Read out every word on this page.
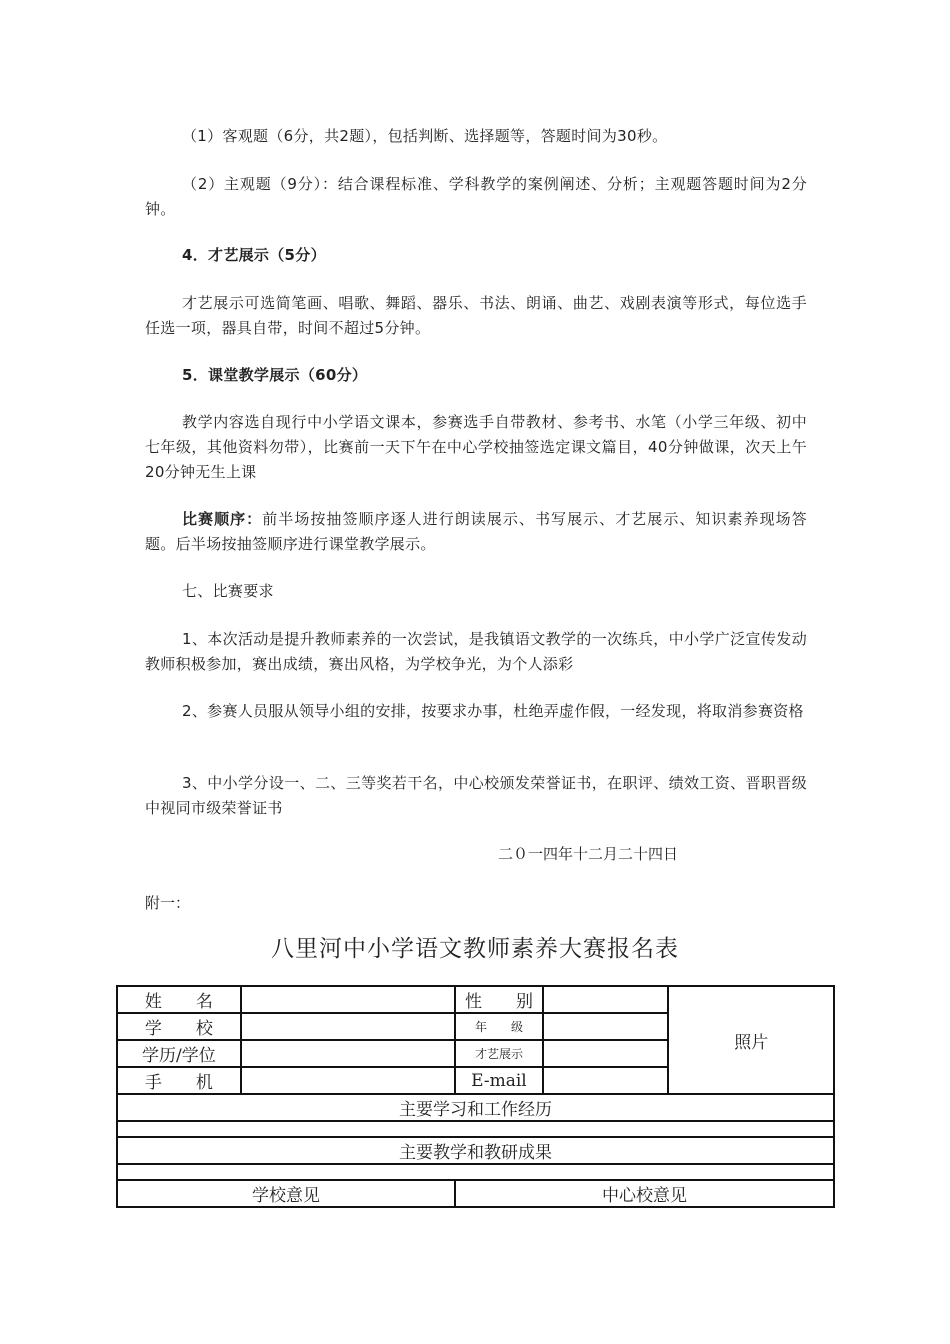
（1）客观题（6分，共2题），包括判断、选择题等，答题时间为30秒。
（2）主观题（9分）：结合课程标准、学科教学的案例阐述、分析；主观题答题时间为2分钟。
4．才艺展示（5分）
才艺展示可选简笔画、唱歌、舞蹈、器乐、书法、朗诵、曲艺、戏剧表演等形式，每位选手任选一项，器具自带，时间不超过5分钟。
5．课堂教学展示（60分）
教学内容选自现行中小学语文课本，参赛选手自带教材、参考书、水笔（小学三年级、初中七年级，其他资料勿带），比赛前一天下午在中心学校抽签选定课文篇目，40分钟做课，次天上午20分钟无生上课
比赛顺序：前半场按抽签顺序逐人进行朗读展示、书写展示、才艺展示、知识素养现场答题。后半场按抽签顺序进行课堂教学展示。
七、比赛要求
1、本次活动是提升教师素养的一次尝试，是我镇语文教学的一次练兵，中小学广泛宣传发动教师积极参加，赛出成绩，赛出风格，为学校争光，为个人添彩
2、参赛人员服从领导小组的安排，按要求办事，杜绝弄虚作假，一经发现，将取消参赛资格
3、中小学分设一、二、三等奖若干名，中心校颁发荣誉证书，在职评、绩效工资、晋职晋级中视同市级荣誉证书
二０一四年十二月二十四日
附一：
八里河中小学语文教师素养大赛报名表
姓　　名		性　　别		照片
学　　校		年　　级		
学历/学位		才艺展示		
手　　机		E-mail		
主要学习和工作经历				

主要教学和教研成果				

学校意见		中心校意见		
